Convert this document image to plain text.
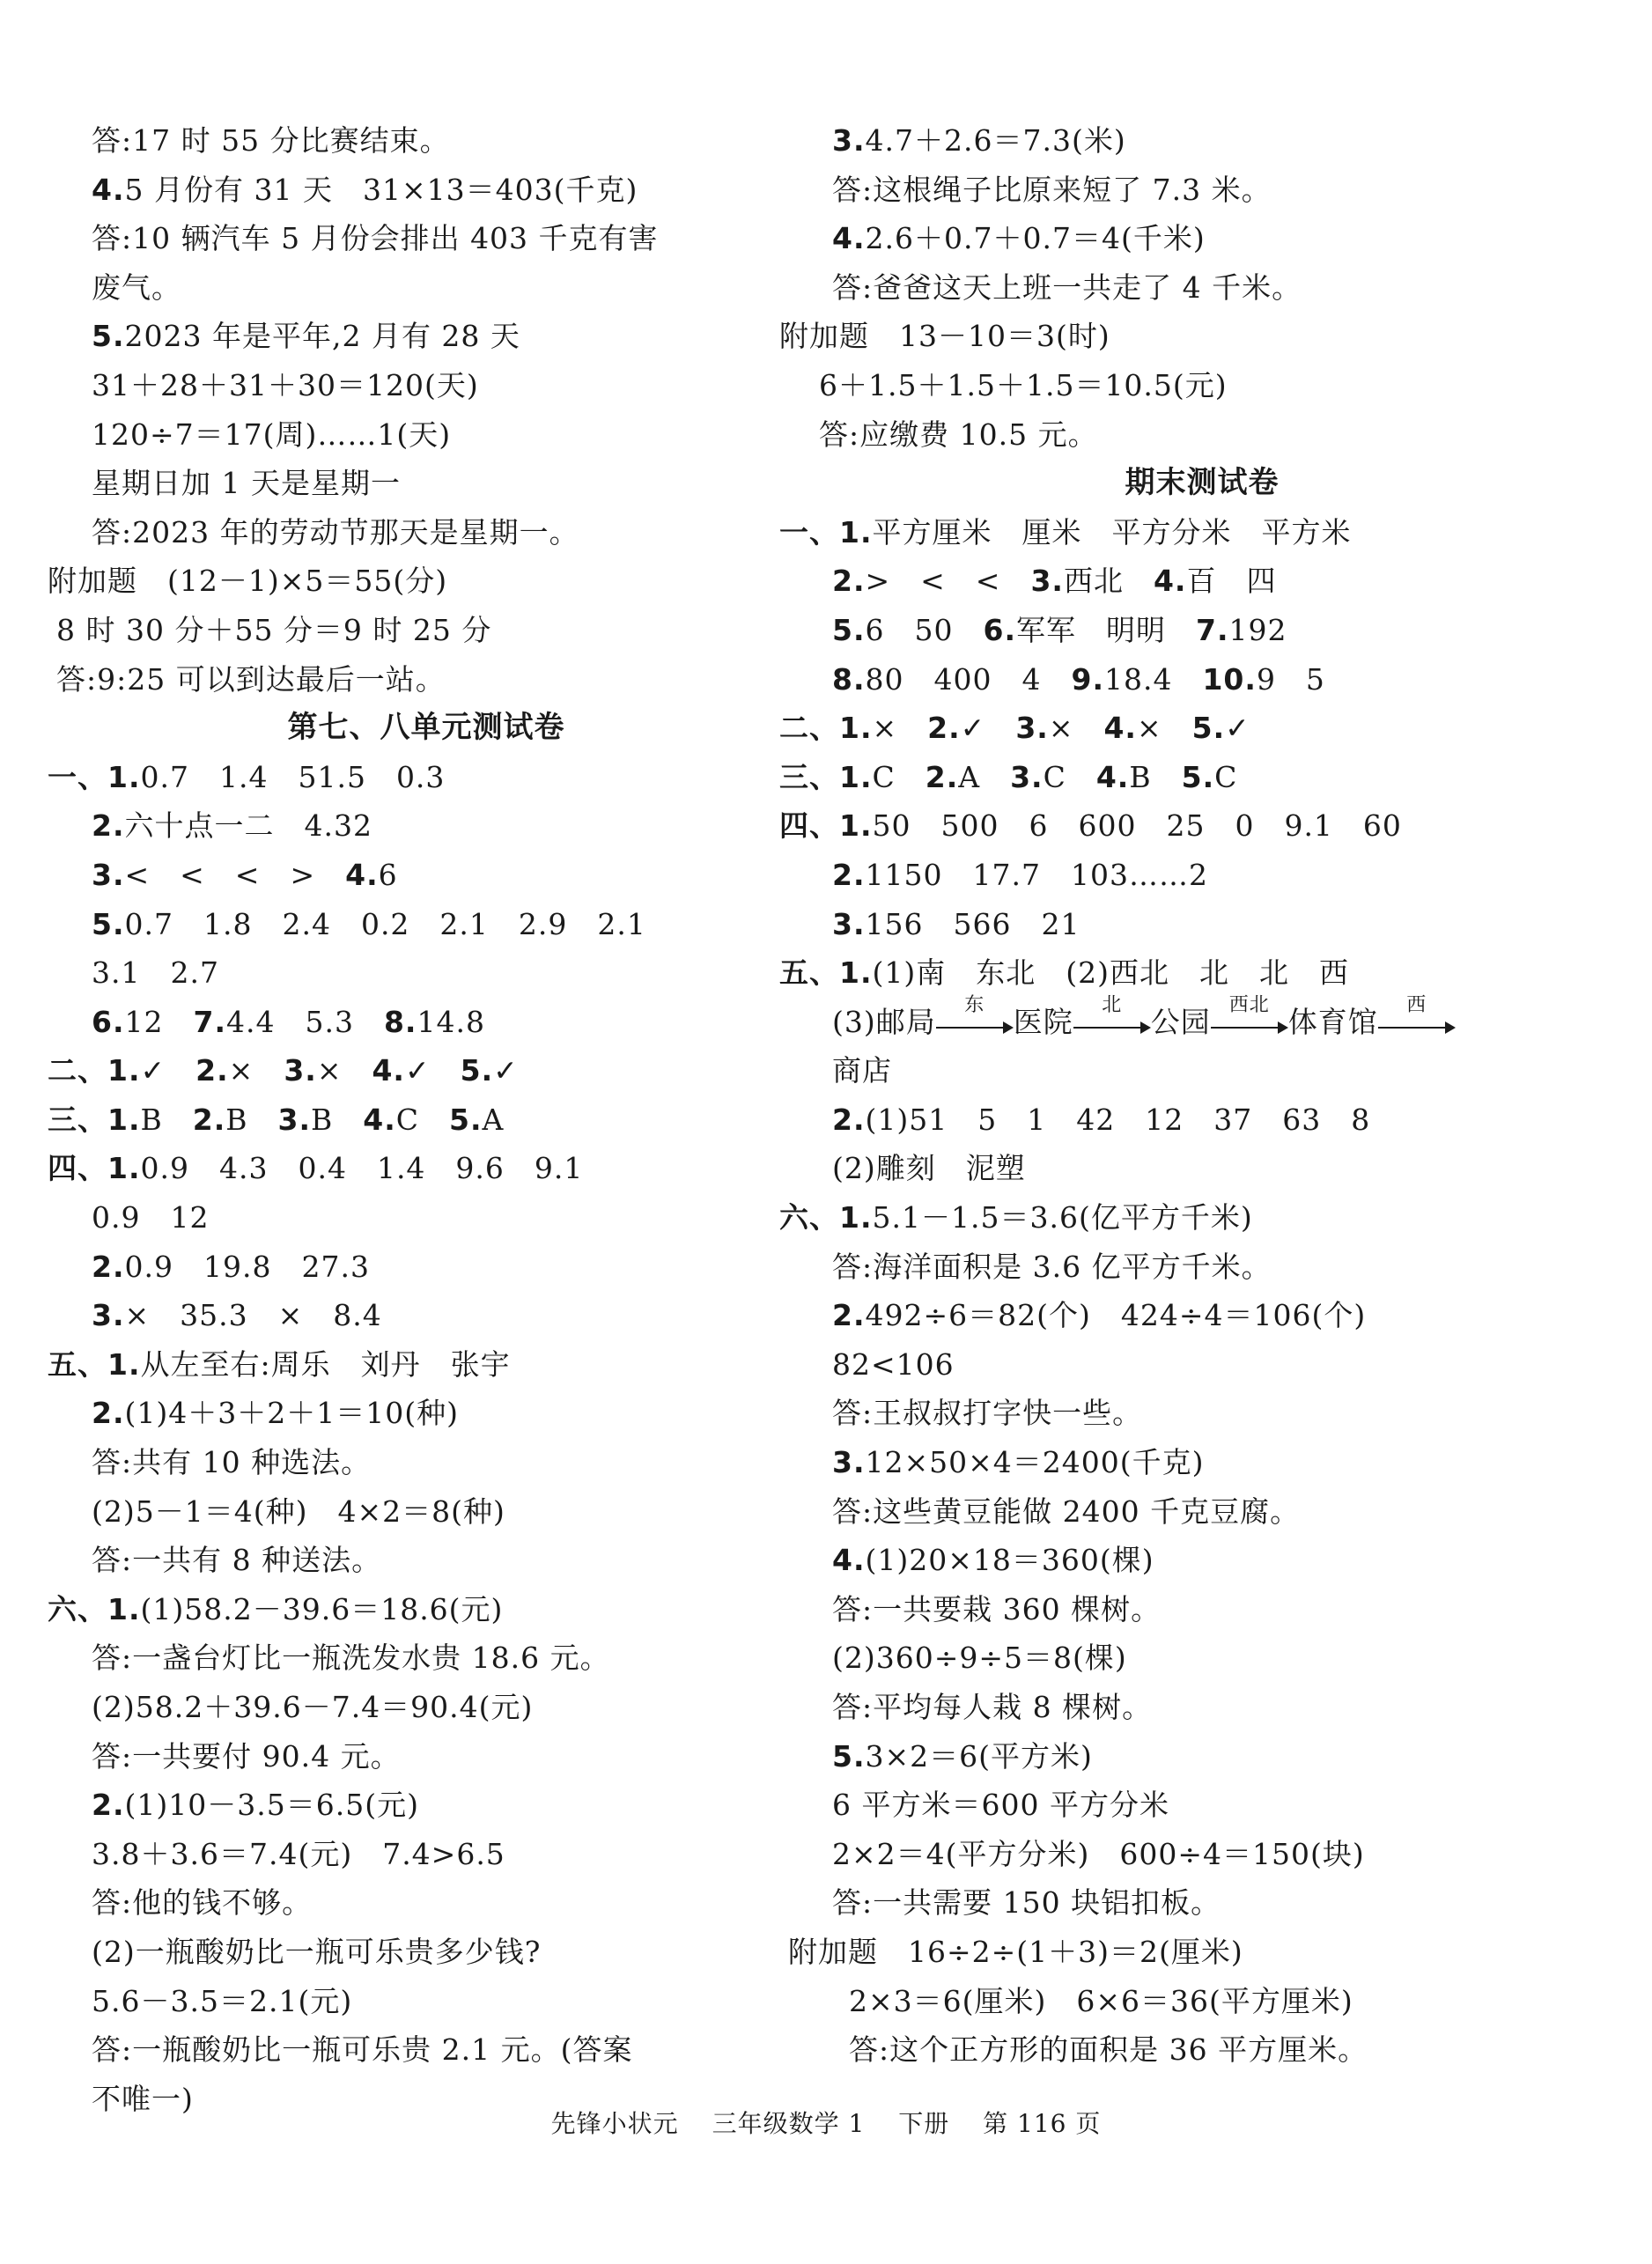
答:17 时 55 分比赛结束。
4.5 月份有 31 天　31×13＝403(千克)
答:10 辆汽车 5 月份会排出 403 千克有害
废气。
5.2023 年是平年,2 月有 28 天
31＋28＋31＋30＝120(天)
120÷7＝17(周)……1(天)
星期日加 1 天是星期一
答:2023 年的劳动节那天是星期一。
附加题　(12－1)×5＝55(分)
8 时 30 分＋55 分＝9 时 25 分
答:9:25 可以到达最后一站。
第七、八单元测试卷
一、1.0.7　1.4　51.5　0.3
2.六十点一二　4.32
3.<　<　<　>　4.6
5.0.7　1.8　2.4　0.2　2.1　2.9　2.1
3.1　2.7
6.12　7.4.4　5.3　8.14.8
二、1.✓　2.×　3.×　4.✓　5.✓
三、1.B　2.B　3.B　4.C　5.A
四、1.0.9　4.3　0.4　1.4　9.6　9.1
0.9　12
2.0.9　19.8　27.3
3.×　35.3　×　8.4
五、1.从左至右:周乐　刘丹　张宇
2.(1)4＋3＋2＋1＝10(种)
答:共有 10 种选法。
(2)5－1＝4(种)　4×2＝8(种)
答:一共有 8 种送法。
六、1.(1)58.2－39.6＝18.6(元)
答:一盏台灯比一瓶洗发水贵 18.6 元。
(2)58.2＋39.6－7.4＝90.4(元)
答:一共要付 90.4 元。
2.(1)10－3.5＝6.5(元)
3.8＋3.6＝7.4(元)　7.4>6.5
答:他的钱不够。
(2)一瓶酸奶比一瓶可乐贵多少钱?
5.6－3.5＝2.1(元)
答:一瓶酸奶比一瓶可乐贵 2.1 元。(答案
不唯一)
3.4.7＋2.6＝7.3(米)
答:这根绳子比原来短了 7.3 米。
4.2.6＋0.7＋0.7＝4(千米)
答:爸爸这天上班一共走了 4 千米。
附加题　13－10＝3(时)
6＋1.5＋1.5＋1.5＝10.5(元)
答:应缴费 10.5 元。
期末测试卷
一、1.平方厘米　厘米　平方分米　平方米
2.>　<　<　3.西北　4.百　四
5.6　50　6.军军　明明　7.192
8.80　400　4　9.18.4　10.9　5
二、1.×　2.✓　3.×　4.×　5.✓
三、1.C　2.A　3.C　4.B　5.C
四、1.50　500　6　600　25　0　9.1　60
2.1150　17.7　103……2
3.156　566　21
五、1.(1)南　东北　(2)西北　北　北　西
(3)邮局	东 医院	北 公园 西北 体育馆	西
商店
2.(1)51　5　1　42　12　37　63　8
(2)雕刻　泥塑
六、1.5.1－1.5＝3.6(亿平方千米)
答:海洋面积是 3.6 亿平方千米。
2.492÷6＝82(个)　424÷4＝106(个)
82<106
答:王叔叔打字快一些。
3.12×50×4＝2400(千克)
答:这些黄豆能做 2400 千克豆腐。
4.(1)20×18＝360(棵)
答:一共要栽 360 棵树。
(2)360÷9÷5＝8(棵)
答:平均每人栽 8 棵树。
5.3×2＝6(平方米)
6 平方米＝600 平方分米
2×2＝4(平方分米)　600÷4＝150(块)
答:一共需要 150 块铝扣板。
附加题　16÷2÷(1＋3)＝2(厘米)
　2×3＝6(厘米)　6×6＝36(平方厘米)
　答:这个正方形的面积是 36 平方厘米。
先锋小状元 三年级数学 1 下册 第 116 页
